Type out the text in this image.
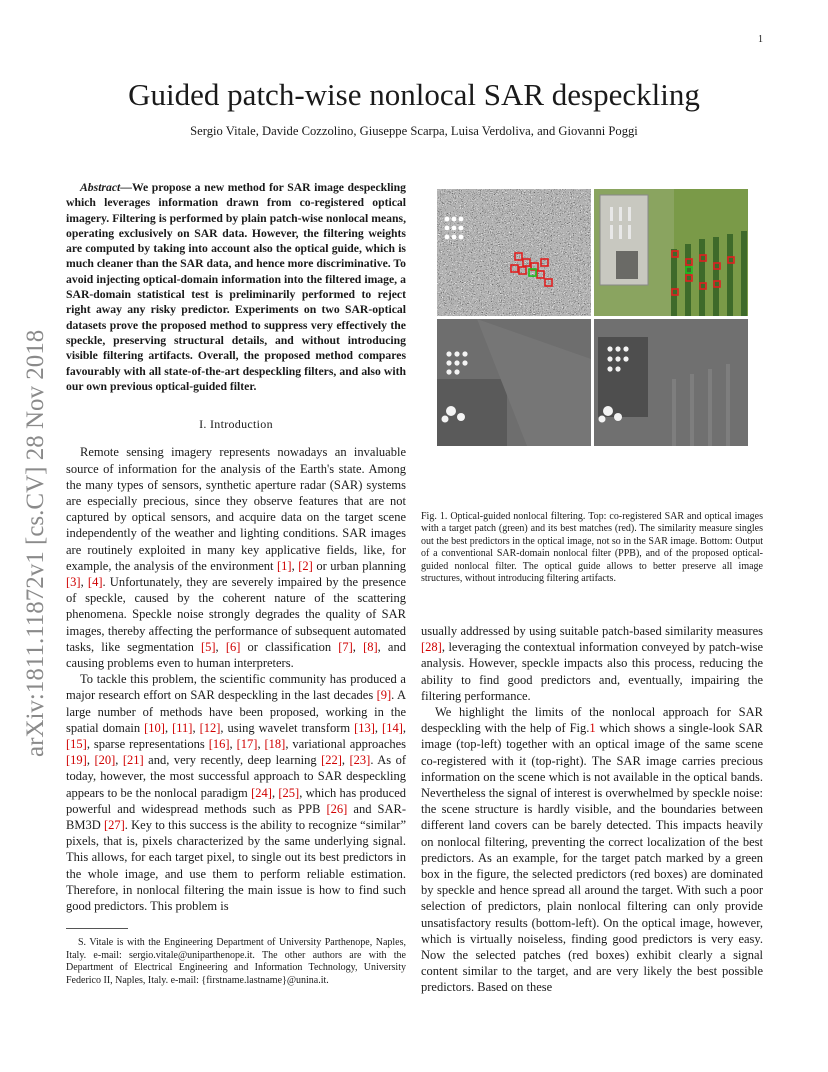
1
Guided patch-wise nonlocal SAR despeckling
Sergio Vitale, Davide Cozzolino, Giuseppe Scarpa, Luisa Verdoliva, and Giovanni Poggi
arXiv:1811.11872v1 [cs.CV] 28 Nov 2018

Abstract—We propose a new method for SAR image despeckling which leverages information drawn from co-registered optical imagery. Filtering is performed by plain patch-wise nonlocal means, operating exclusively on SAR data. However, the filtering weights are computed by taking into account also the optical guide, which is much cleaner than the SAR data, and hence more discriminative. To avoid injecting optical-domain information into the filtered image, a SAR-domain statistical test is preliminarily performed to reject right away any risky predictor. Experiments on two SAR-optical datasets prove the proposed method to suppress very effectively the speckle, preserving structural details, and without introducing visible filtering artifacts. Overall, the proposed method compares favourably with all state-of-the-art despeckling filters, and also with our own previous optical-guided filter.

I. Introduction

Remote sensing imagery represents nowadays an invaluable source of information for the analysis of the Earth's state. Among the many types of sensors, synthetic aperture radar (SAR) systems are especially precious, since they observe features that are not captured by optical sensors, and acquire data on the target scene independently of the weather and lighting conditions. SAR images are routinely exploited in many key applicative fields, like, for example, the analysis of the environment [1], [2] or urban planning [3], [4]. Unfortunately, they are severely impaired by the presence of speckle, caused by the coherent nature of the scattering phenomena. Speckle noise strongly degrades the quality of SAR images, thereby affecting the performance of subsequent automated tasks, like segmentation [5], [6] or classification [7], [8], and causing problems even to human interpreters.

To tackle this problem, the scientific community has produced a major research effort on SAR despeckling in the last decades [9]. A large number of methods have been proposed, working in the spatial domain [10], [11], [12], using wavelet transform [13], [14], [15], sparse representations [16], [17], [18], variational approaches [19], [20], [21] and, very recently, deep learning [22], [23]. As of today, however, the most successful approach to SAR despeckling appears to be the nonlocal paradigm [24], [25], which has produced powerful and widespread methods such as PPB [26] and SAR-BM3D [27]. Key to this success is the ability to recognize “similar” pixels, that is, pixels characterized by the same underlying signal. This allows, for each target pixel, to single out its best predictors in the whole image, and use them to perform reliable estimation. Therefore, in nonlocal filtering the main issue is how to find such good predictors. This problem is

S. Vitale is with the Engineering Department of University Parthenope, Naples, Italy. e-mail: sergio.vitale@uniparthenope.it. The other authors are with the Department of Electrical Engineering and Information Technology, University Federico II, Naples, Italy. e-mail: {firstname.lastname}@unina.it.

Fig. 1. Optical-guided nonlocal filtering. Top: co-registered SAR and optical images with a target patch (green) and its best matches (red). The similarity measure singles out the best predictors in the optical image, not so in the SAR image. Bottom: Output of a conventional SAR-domain nonlocal filter (PPB), and of the proposed optical-guided nonlocal filter. The optical guide allows to better preserve all image structures, without introducing filtering artifacts.

usually addressed by using suitable patch-based similarity measures [28], leveraging the contextual information conveyed by patch-wise analysis. However, speckle impacts also this process, reducing the ability to find good predictors and, eventually, impairing the filtering performance.

We highlight the limits of the nonlocal approach for SAR despeckling with the help of Fig.1 which shows a single-look SAR image (top-left) together with an optical image of the same scene co-registered with it (top-right). The SAR image carries precious information on the scene which is not available in the optical bands. Nevertheless the signal of interest is overwhelmed by speckle noise: the scene structure is hardly visible, and the boundaries between different land covers can be barely detected. This impacts heavily on nonlocal filtering, preventing the correct localization of the best predictors. As an example, for the target patch marked by a green box in the figure, the selected predictors (red boxes) are dominated by speckle and hence spread all around the target. With such a poor selection of predictors, plain nonlocal filtering can only provide unsatisfactory results (bottom-left). On the optical image, however, which is virtually noiseless, finding good predictors is very easy. Now the selected patches (red boxes) exhibit clearly a signal content similar to the target, and are very likely the best possible predictors. Based on these
